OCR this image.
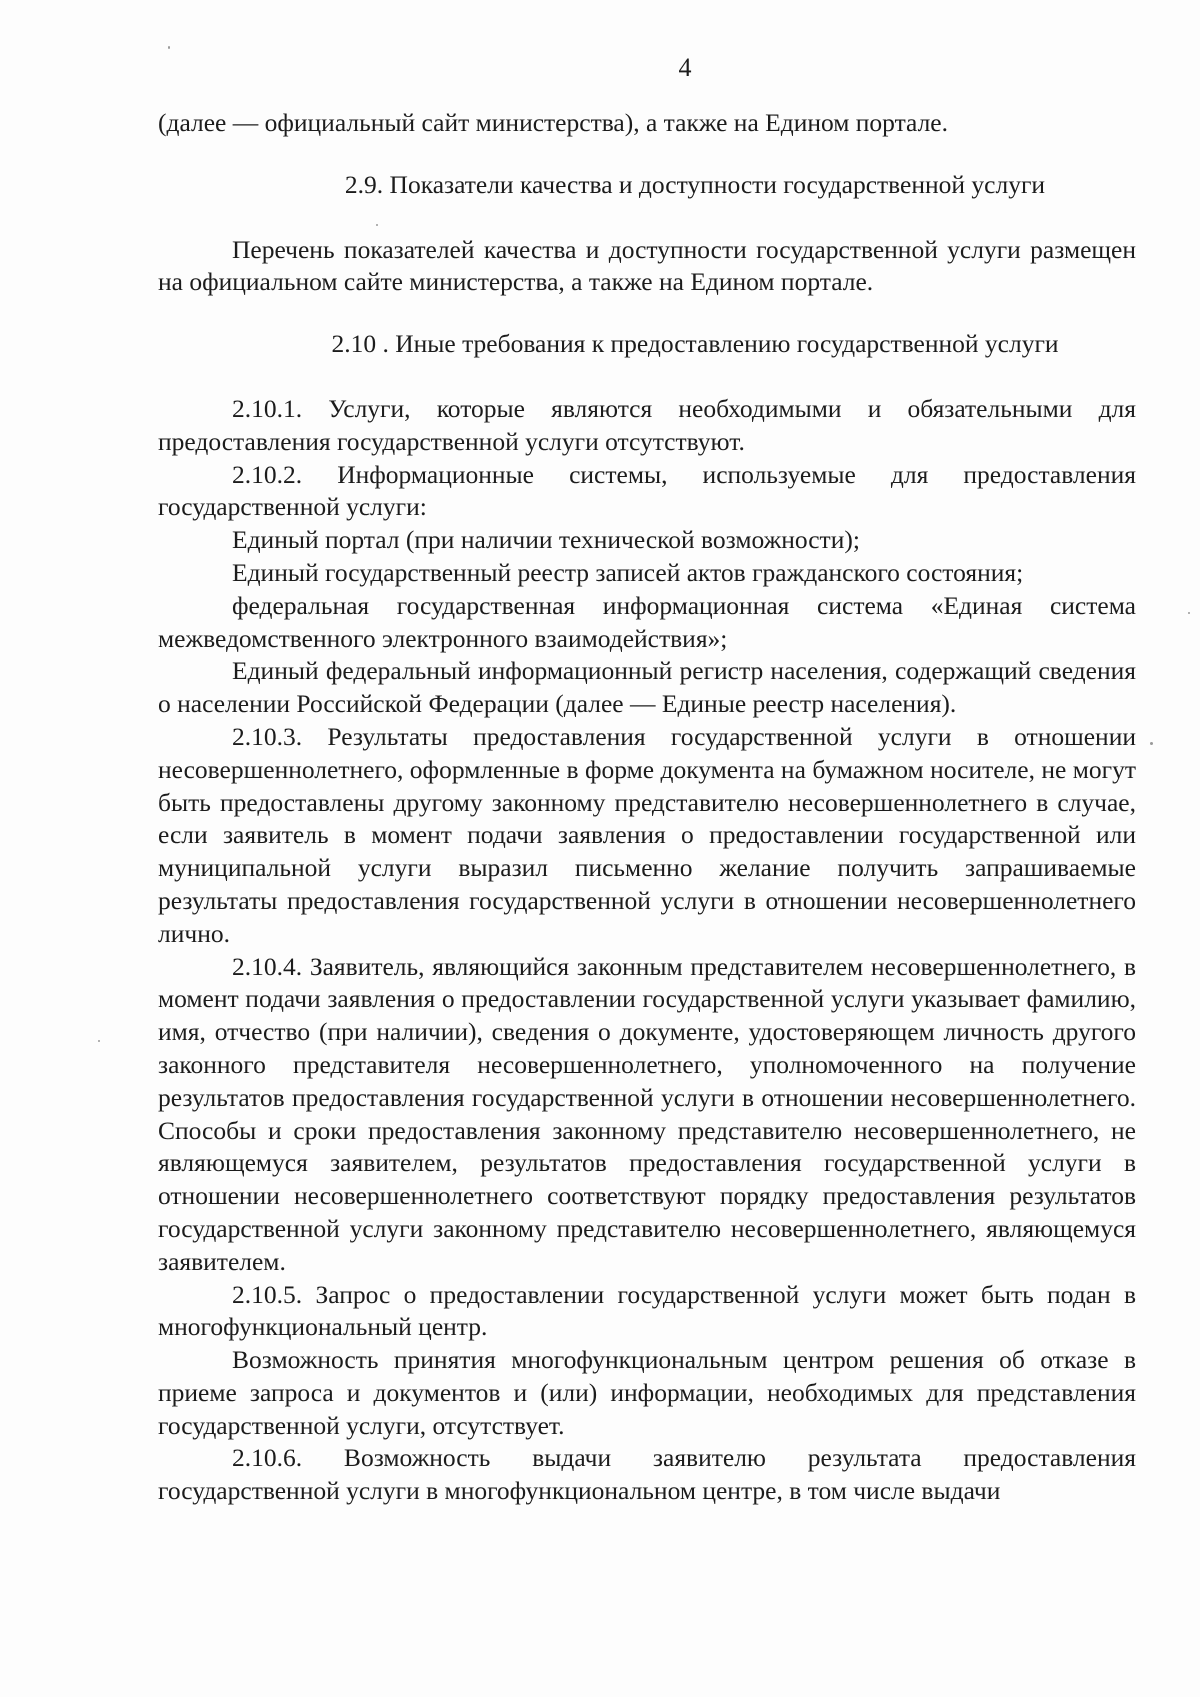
4

(далее — официальный сайт министерства), а также на Едином портале.

2.9. Показатели качества и доступности государственной услуги

Перечень показателей качества и доступности государственной услуги размещен на официальном сайте министерства, а также на Едином портале.

2.10 . Иные требования к предоставлению государственной услуги

2.10.1. Услуги, которые являются необходимыми и обязательными для предоставления государственной услуги отсутствуют.

2.10.2. Информационные системы, используемые для предоставления государственной услуги:

Единый портал (при наличии технической возможности);

Единый государственный реестр записей актов гражданского состояния;

федеральная государственная информационная система «Единая система межведомственного электронного взаимодействия»;

Единый федеральный информационный регистр населения, содержащий сведения о населении Российской Федерации (далее — Единые реестр населения).

2.10.3. Результаты предоставления государственной услуги в отношении несовершеннолетнего, оформленные в форме документа на бумажном носителе, не могут быть предоставлены другому законному представителю несовершеннолетнего в случае, если заявитель в момент подачи заявления о предоставлении государственной или муниципальной услуги выразил письменно желание получить запрашиваемые результаты предоставления государственной услуги в отношении несовершеннолетнего лично.

2.10.4. Заявитель, являющийся законным представителем несовершеннолетнего, в момент подачи заявления о предоставлении государственной услуги указывает фамилию, имя, отчество (при наличии), сведения о документе, удостоверяющем личность другого законного представителя несовершеннолетнего, уполномоченного на получение результатов предоставления государственной услуги в отношении несовершеннолетнего. Способы и сроки предоставления законному представителю несовершеннолетнего, не являющемуся заявителем, результатов предоставления государственной услуги в отношении несовершеннолетнего соответствуют порядку предоставления результатов государственной услуги законному представителю несовершеннолетнего, являющемуся заявителем.

2.10.5. Запрос о предоставлении государственной услуги может быть подан в многофункциональный центр.

Возможность принятия многофункциональным центром решения об отказе в приеме запроса и документов и (или) информации, необходимых для представления государственной услуги, отсутствует.

2.10.6. Возможность выдачи заявителю результата предоставления государственной услуги в многофункциональном центре, в том числе выдачи
